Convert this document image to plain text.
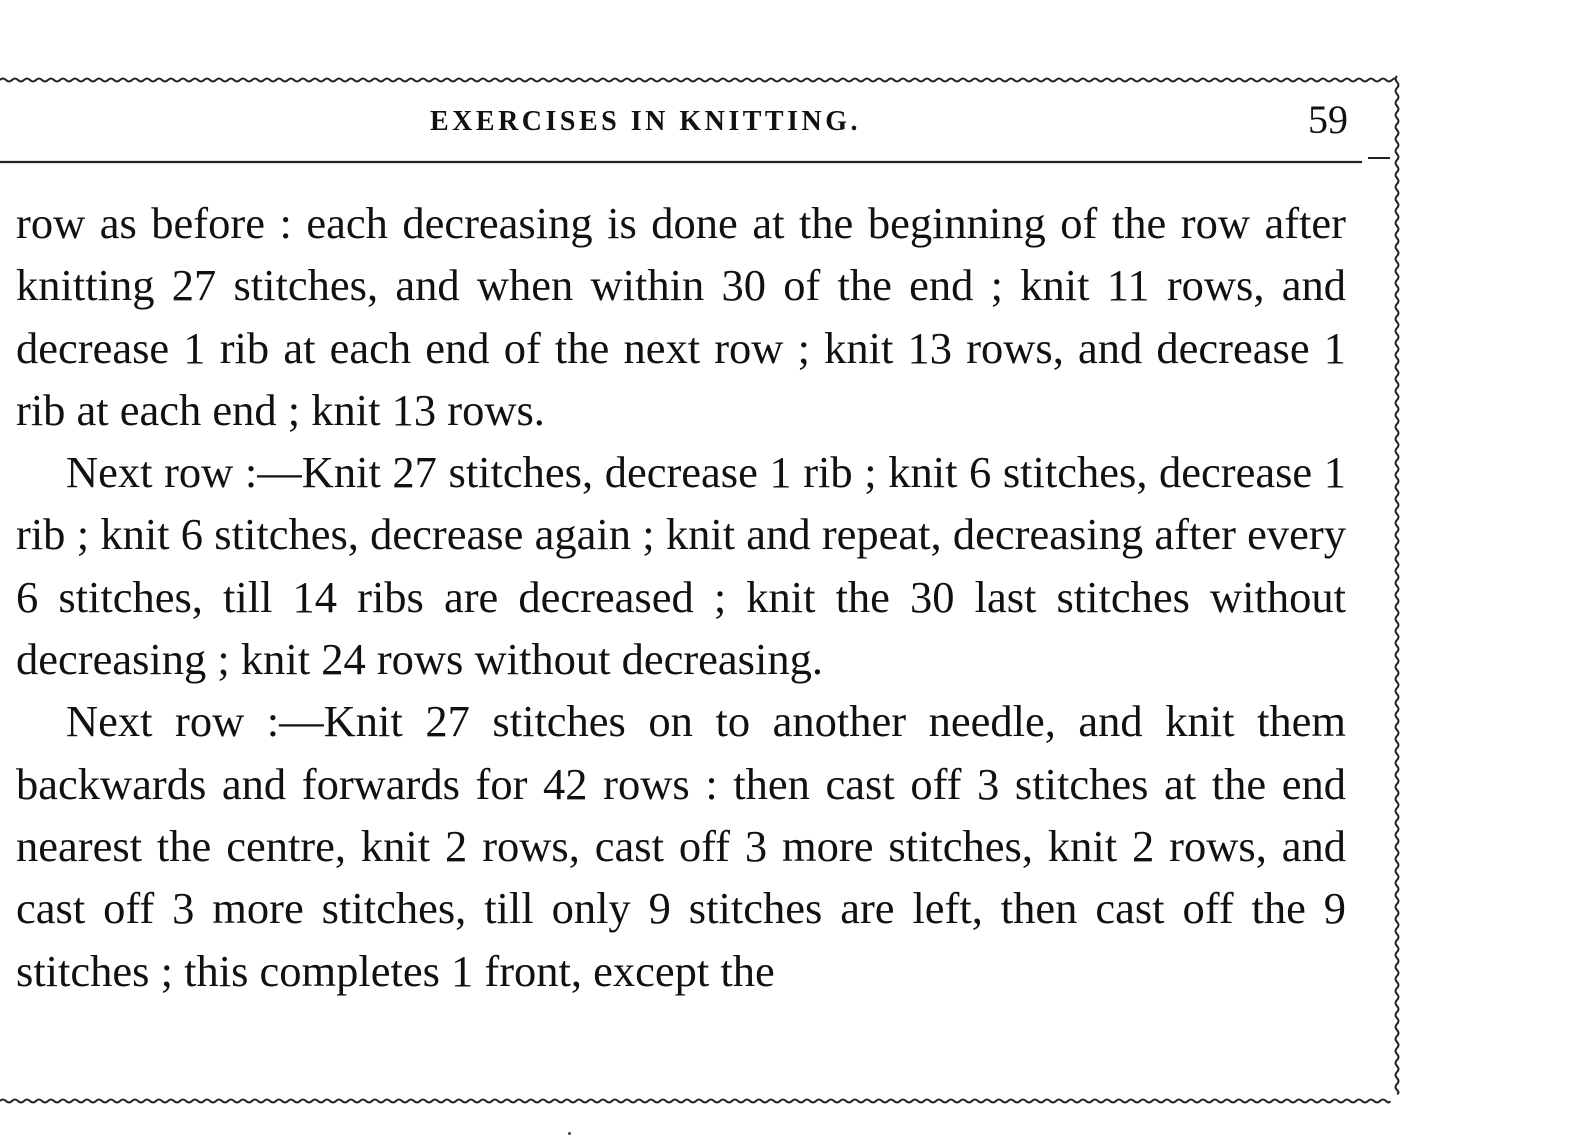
EXERCISES IN KNITTING.	59

row as before : each decreasing is done at the beginning of the row after knitting 27 stitches, and when within 30 of the end ; knit 11 rows, and decrease 1 rib at each end of the next row ; knit 13 rows, and decrease 1 rib at each end ; knit 13 rows.

Next row :—Knit 27 stitches, decrease 1 rib ; knit 6 stitches, decrease 1 rib ; knit 6 stitches, decrease again ; knit and repeat, decreasing after every 6 stitches, till 14 ribs are decreased ; knit the 30 last stitches without decreasing ; knit 24 rows without decreasing.

Next row :—Knit 27 stitches on to another needle, and knit them backwards and forwards for 42 rows : then cast off 3 stitches at the end nearest the centre, knit 2 rows, cast off 3 more stitches, knit 2 rows, and cast off 3 more stitches, till only 9 stitches are left, then cast off the 9 stitches ; this completes 1 front, except the
